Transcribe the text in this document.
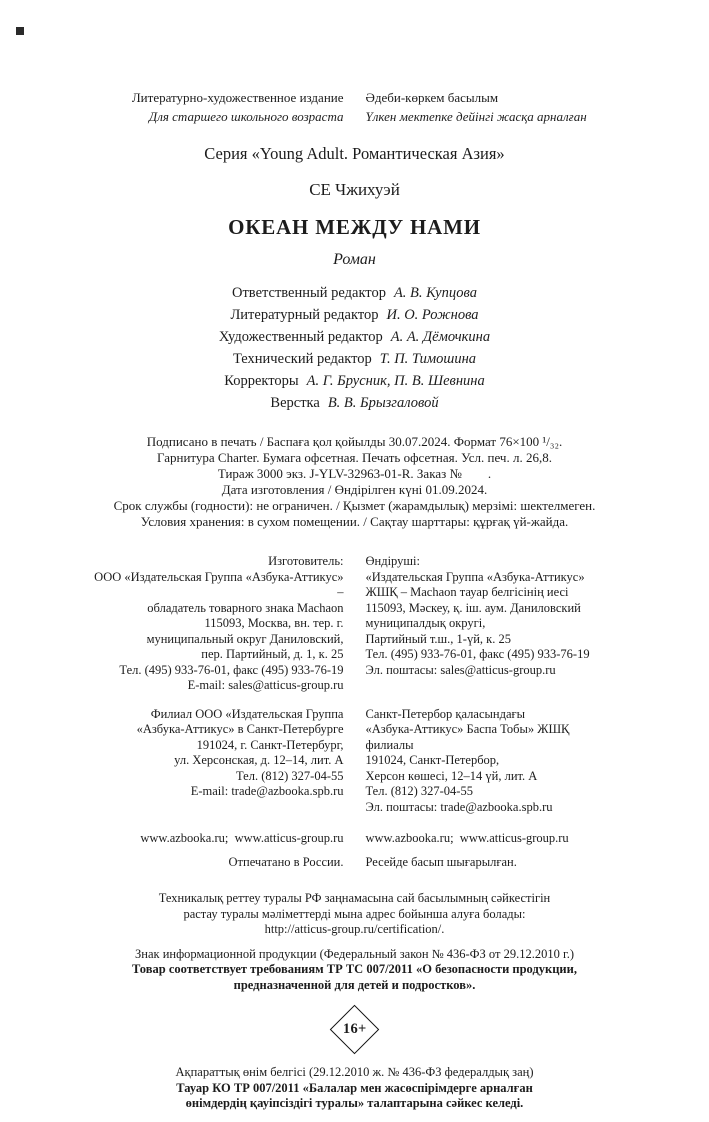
Литературно-художественное издание
Для старшего школьного возраста
Әдеби-көркем басылым
Үлкен мектепке дейінгі жасқа арналған
Серия «Young Adult. Романтическая Азия»
СЕ Чжихуэй
ОКЕАН МЕЖДУ НАМИ
Роман
Ответственный редактор А. В. Купцова
Литературный редактор И. О. Рожнова
Художественный редактор А. А. Дёмочкина
Технический редактор Т. П. Тимошина
Корректоры А. Г. Брусник, П. В. Шевнина
Верстка В. В. Брызгаловой
Подписано в печать / Баспаға қол қойылды 30.07.2024. Формат 76×100 ¹/₃₂.
Гарнитура Charter. Бумага офсетная. Печать офсетная. Усл. печ. л. 26,8.
Тираж 3000 экз. J-YLV-32963-01-R. Заказ №        .
Дата изготовления / Өндірілген күні 01.09.2024.
Срок службы (годности): не ограничен. / Қызмет (жарамдылық) мерзімі: шектелмеген.
Условия хранения: в сухом помещении. / Сақтау шарттары: құрғақ үй-жайда.
Изготовитель:
ООО «Издательская Группа «Азбука-Аттикус» –
обладатель товарного знака Machaon
115093, Москва, вн. тер. г.
муниципальный округ Даниловский,
пер. Партийный, д. 1, к. 25
Тел. (495) 933-76-01, факс (495) 933-76-19
E-mail: sales@atticus-group.ru
Өндіруші:
«Издательская Группа «Азбука-Аттикус»
ЖШҚ – Machaon тауар белгісінің иесі
115093, Мәскеу, қ. іш. аум. Даниловский
муниципалдық округі,
Партийный т.ш., 1-үй, к. 25
Тел. (495) 933-76-01, факс (495) 933-76-19
Эл. поштасы: sales@atticus-group.ru
Филиал ООО «Издательская Группа
«Азбука-Аттикус» в Санкт-Петербурге
191024, г. Санкт-Петербург,
ул. Херсонская, д. 12–14, лит. А
Тел. (812) 327-04-55
E-mail: trade@azbooka.spb.ru
Санкт-Петербор қаласындағы
«Азбука-Аттикус» Баспа Тобы» ЖШҚ филиалы
191024, Санкт-Петербор,
Херсон көшесі, 12–14 үй, лит. А
Тел. (812) 327-04-55
Эл. поштасы: trade@azbooka.spb.ru
www.azbooka.ru;  www.atticus-group.ru	www.azbooka.ru;  www.atticus-group.ru
Отпечатано в России.	Ресейде басып шығарылған.
Техникалық реттеу туралы РФ заңнамасына сай басылымның сәйкестігін
растау туралы мәліметтерді мына адрес бойынша алуға болады:
http://atticus-group.ru/certification/.
Знак информационной продукции (Федеральный закон № 436-ФЗ от 29.12.2010 г.)
Товар соответствует требованиям ТР ТС 007/2011 «О безопасности продукции,
предназначенной для детей и подростков».
16+
Ақпараттық өнім белгісі (29.12.2010 ж. № 436-ФЗ федералдық заң)
Тауар КО ТР 007/2011 «Балалар мен жасөспірімдерге арналған
өнімдердің қауіпсіздігі туралы» талаптарына сәйкес келеді.
